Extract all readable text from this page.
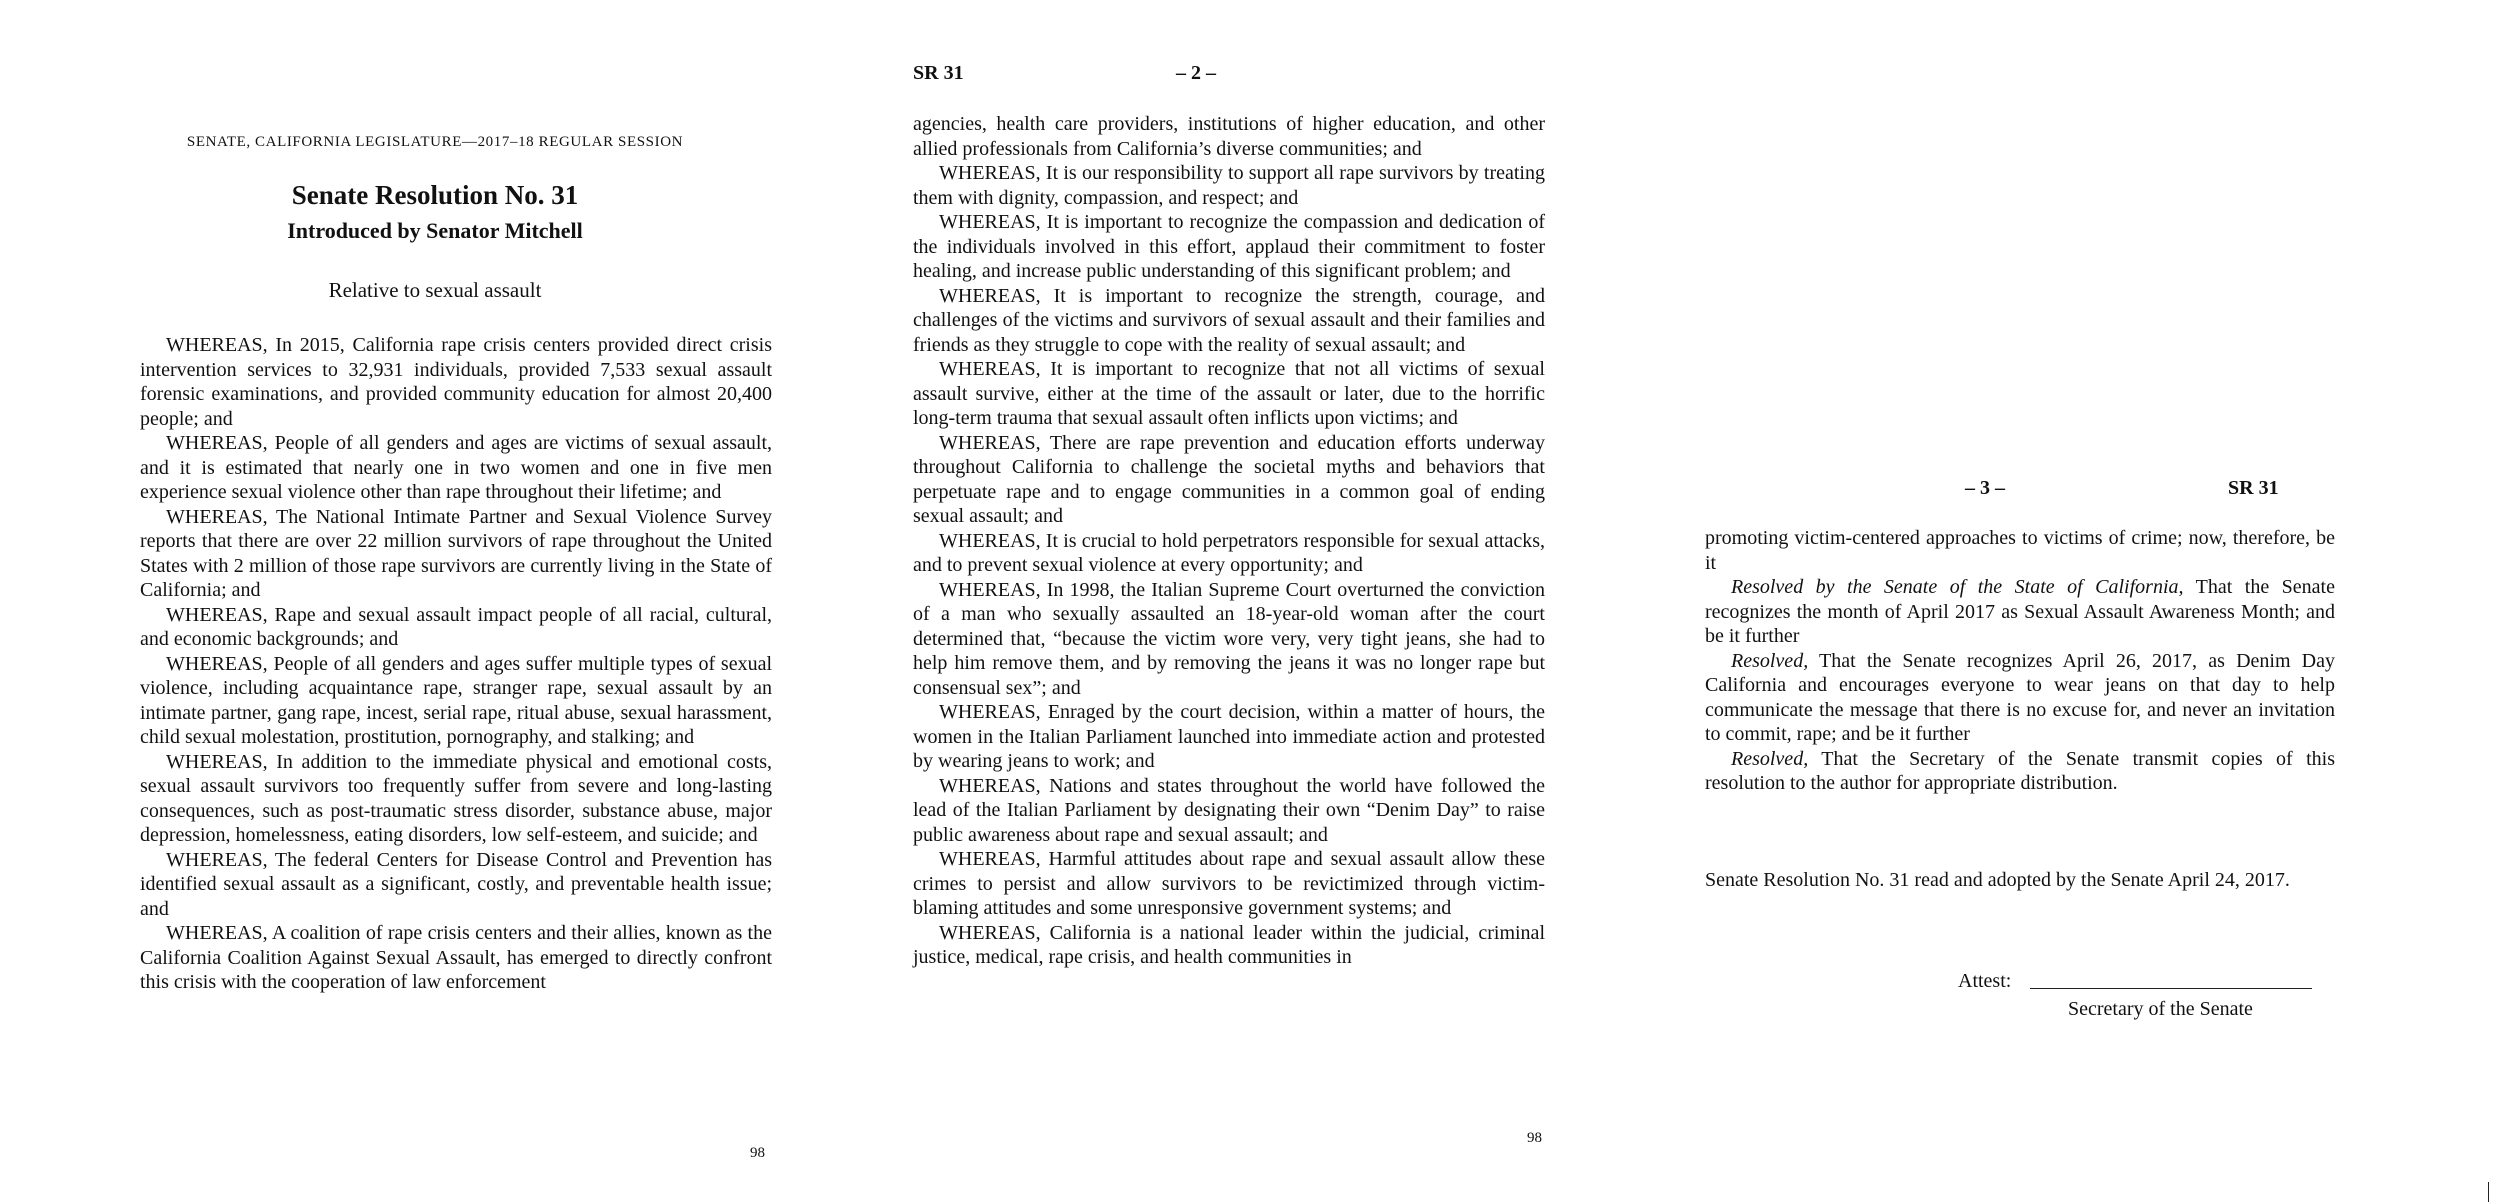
SENATE, CALIFORNIA LEGISLATURE—2017–18 REGULAR SESSION
Senate Resolution No. 31
Introduced by Senator Mitchell
Relative to sexual assault

WHEREAS, In 2015, California rape crisis centers provided direct crisis intervention services to 32,931 individuals, provided 7,533 sexual assault forensic examinations, and provided community education for almost 20,400 people; and

WHEREAS, People of all genders and ages are victims of sexual assault, and it is estimated that nearly one in two women and one in five men experience sexual violence other than rape throughout their lifetime; and

WHEREAS, The National Intimate Partner and Sexual Violence Survey reports that there are over 22 million survivors of rape throughout the United States with 2 million of those rape survivors are currently living in the State of California; and

WHEREAS, Rape and sexual assault impact people of all racial, cultural, and economic backgrounds; and

WHEREAS, People of all genders and ages suffer multiple types of sexual violence, including acquaintance rape, stranger rape, sexual assault by an intimate partner, gang rape, incest, serial rape, ritual abuse, sexual harassment, child sexual molestation, prostitution, pornography, and stalking; and

WHEREAS, In addition to the immediate physical and emotional costs, sexual assault survivors too frequently suffer from severe and long-lasting consequences, such as post-traumatic stress disorder, substance abuse, major depression, homelessness, eating disorders, low self-esteem, and suicide; and

WHEREAS, The federal Centers for Disease Control and Prevention has identified sexual assault as a significant, costly, and preventable health issue; and

WHEREAS, A coalition of rape crisis centers and their allies, known as the California Coalition Against Sexual Assault, has emerged to directly confront this crisis with the cooperation of law enforcement

98
SR 31	– 2 –

agencies, health care providers, institutions of higher education, and other allied professionals from California’s diverse communities; and

WHEREAS, It is our responsibility to support all rape survivors by treating them with dignity, compassion, and respect; and

WHEREAS, It is important to recognize the compassion and dedication of the individuals involved in this effort, applaud their commitment to foster healing, and increase public understanding of this significant problem; and

WHEREAS, It is important to recognize the strength, courage, and challenges of the victims and survivors of sexual assault and their families and friends as they struggle to cope with the reality of sexual assault; and

WHEREAS, It is important to recognize that not all victims of sexual assault survive, either at the time of the assault or later, due to the horrific long-term trauma that sexual assault often inflicts upon victims; and

WHEREAS, There are rape prevention and education efforts underway throughout California to challenge the societal myths and behaviors that perpetuate rape and to engage communities in a common goal of ending sexual assault; and

WHEREAS, It is crucial to hold perpetrators responsible for sexual attacks, and to prevent sexual violence at every opportunity; and

WHEREAS, In 1998, the Italian Supreme Court overturned the conviction of a man who sexually assaulted an 18-year-old woman after the court determined that, “because the victim wore very, very tight jeans, she had to help him remove them, and by removing the jeans it was no longer rape but consensual sex”; and

WHEREAS, Enraged by the court decision, within a matter of hours, the women in the Italian Parliament launched into immediate action and protested by wearing jeans to work; and

WHEREAS, Nations and states throughout the world have followed the lead of the Italian Parliament by designating their own “Denim Day” to raise public awareness about rape and sexual assault; and

WHEREAS, Harmful attitudes about rape and sexual assault allow these crimes to persist and allow survivors to be revictimized through victim-blaming attitudes and some unresponsive government systems; and

WHEREAS, California is a national leader within the judicial, criminal justice, medical, rape crisis, and health communities in

98
– 3 –	SR 31

promoting victim-centered approaches to victims of crime; now, therefore, be it

Resolved by the Senate of the State of California, That the Senate recognizes the month of April 2017 as Sexual Assault Awareness Month; and be it further

Resolved, That the Senate recognizes April 26, 2017, as Denim Day California and encourages everyone to wear jeans on that day to help communicate the message that there is no excuse for, and never an invitation to commit, rape; and be it further

Resolved, That the Secretary of the Senate transmit copies of this resolution to the author for appropriate distribution.

Senate Resolution No. 31 read and adopted by the Senate April 24, 2017.
Attest:
Secretary of the Senate
